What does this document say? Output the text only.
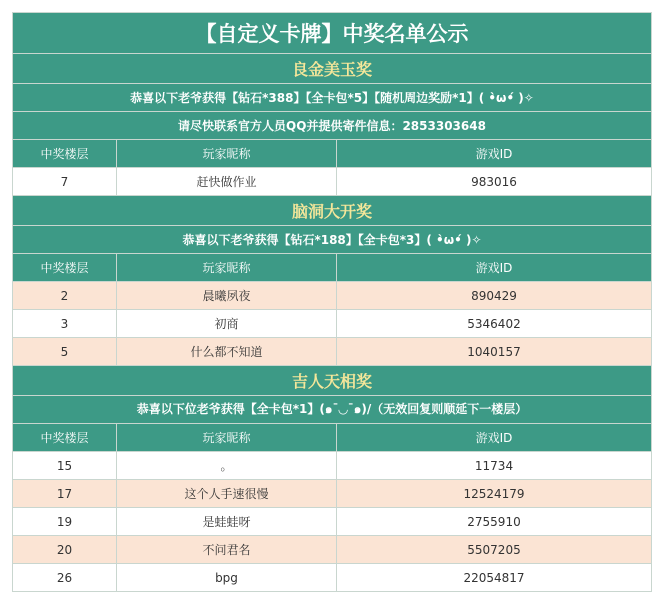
【自定义卡牌】中奖名单公示
良金美玉奖
恭喜以下老爷获得【钻石*388】【全卡包*5】【随机周边奖励*1】( •̀ω•́ )✧
请尽快联系官方人员QQ并提供寄件信息：2853303648
中奖楼层	玩家昵称	游戏ID
7	赶快做作业	983016
脑洞大开奖
恭喜以下老爷获得【钻石*188】【全卡包*3】( •̀ω•́ )✧
中奖楼层	玩家昵称	游戏ID
2	晨曦夙夜	890429
3	初商	5346402
5	什么都不知道	1040157
吉人天相奖
恭喜以下位老爷获得【全卡包*1】(๑¯◡¯๑)/（无效回复则顺延下一楼层）
中奖楼层	玩家昵称	游戏ID
15	。	11734
17	这个人手速很慢	12524179
19	是蛙蛙呀	2755910
20	不问君名	5507205
26	bpg	22054817
